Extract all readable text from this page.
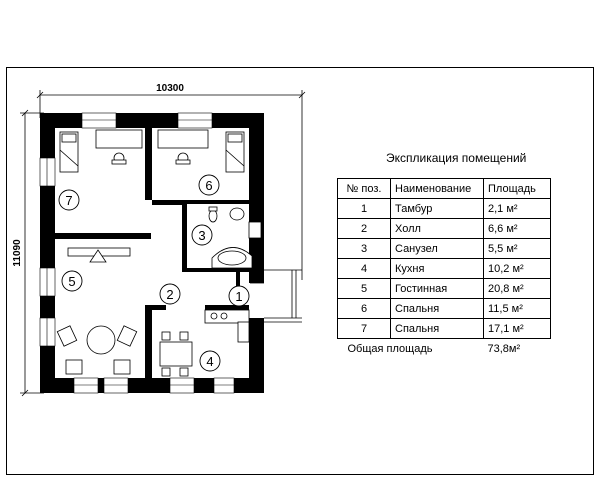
10300
11090
7
6
3
5
2	1
4
Экспликация помещений
№ поз.	Наименование	Площадь
1	Тамбур	2,1 м²
2	Холл	6,6 м²
3	Санузел	5,5 м²
4	Кухня	10,2 м²
5	Гостинная	20,8 м²
6	Спальня	11,5 м²
7	Спальня	17,1 м²
Общая площадь		73,8м²
